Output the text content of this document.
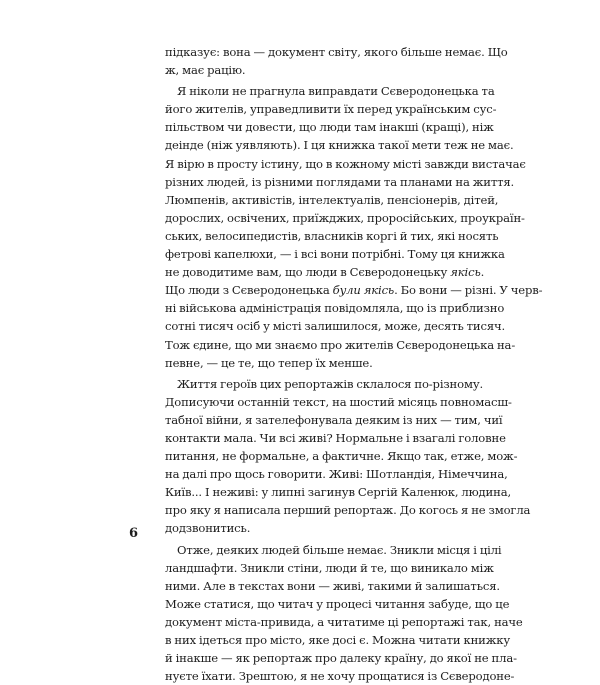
підказує: вона — документ світу, якого більше немає. Що
ж, має рацію.
Я ніколи не прагнула виправдати Сєверодонецька та
його жителів, управедливити їх перед українським сус-
пільством чи довести, що люди там інакші (кращі), ніж
деінде (ніж уявляють). І ця книжка такої мети теж не має.
Я вірю в просту істину, що в кожному місті завжди вистачає
різних людей, із різними поглядами та планами на життя.
Люмпенів, активістів, інтелектуалів, пенсіонерів, дітей,
дорослих, освічених, приїжджих, проросійських, проукраїн-
ських, велосипедистів, власників коргі й тих, які носять
фетрові капелюхи, — і всі вони потрібні. Тому ця книжка
не доводитиме вам, що люди в Сєверодонецьку якісь.
Що люди з Сєверодонецька були якісь. Бо вони — різні. У черв-
ні військова адміністрація повідомляла, що із приблизно
сотні тисяч осіб у місті залишилося, може, десять тисяч.
Тож єдине, що ми знаємо про жителів Сєверодонецька на-
певне, — це те, що тепер їх менше.
Життя героїв цих репортажів склалося по-різному.
Дописуючи останній текст, на шостий місяць повномасш-
табної війни, я зателефонувала деяким із них — тим, чиї
контакти мала. Чи всі живі? Нормальне і взагалі головне
питання, не формальне, а фактичне. Якщо так, етже, мож-
на далі про щось говорити. Живі: Шотландія, Німеччина,
Київ... І неживі: у липні загинув Сергій Каленюк, людина,
про яку я написала перший репортаж. До когось я не змогла
додзвонитись.
Отже, деяких людей більше немає. Зникли місця і цілі
ландшафти. Зникли стіни, люди й те, що виникало між
ними. Але в текстах вони — живі, такими й залишаться.
Може статися, що читач у процесі читання забуде, що це
документ міста-привида, а читатиме ці репортажі так, наче
в них ідеться про місто, яке досі є. Можна читати книжку
й інакше — як репортаж про далеку країну, до якої не пла-
нуєте їхати. Зрештою, я не хочу прощатися із Сєверодоне-
6
